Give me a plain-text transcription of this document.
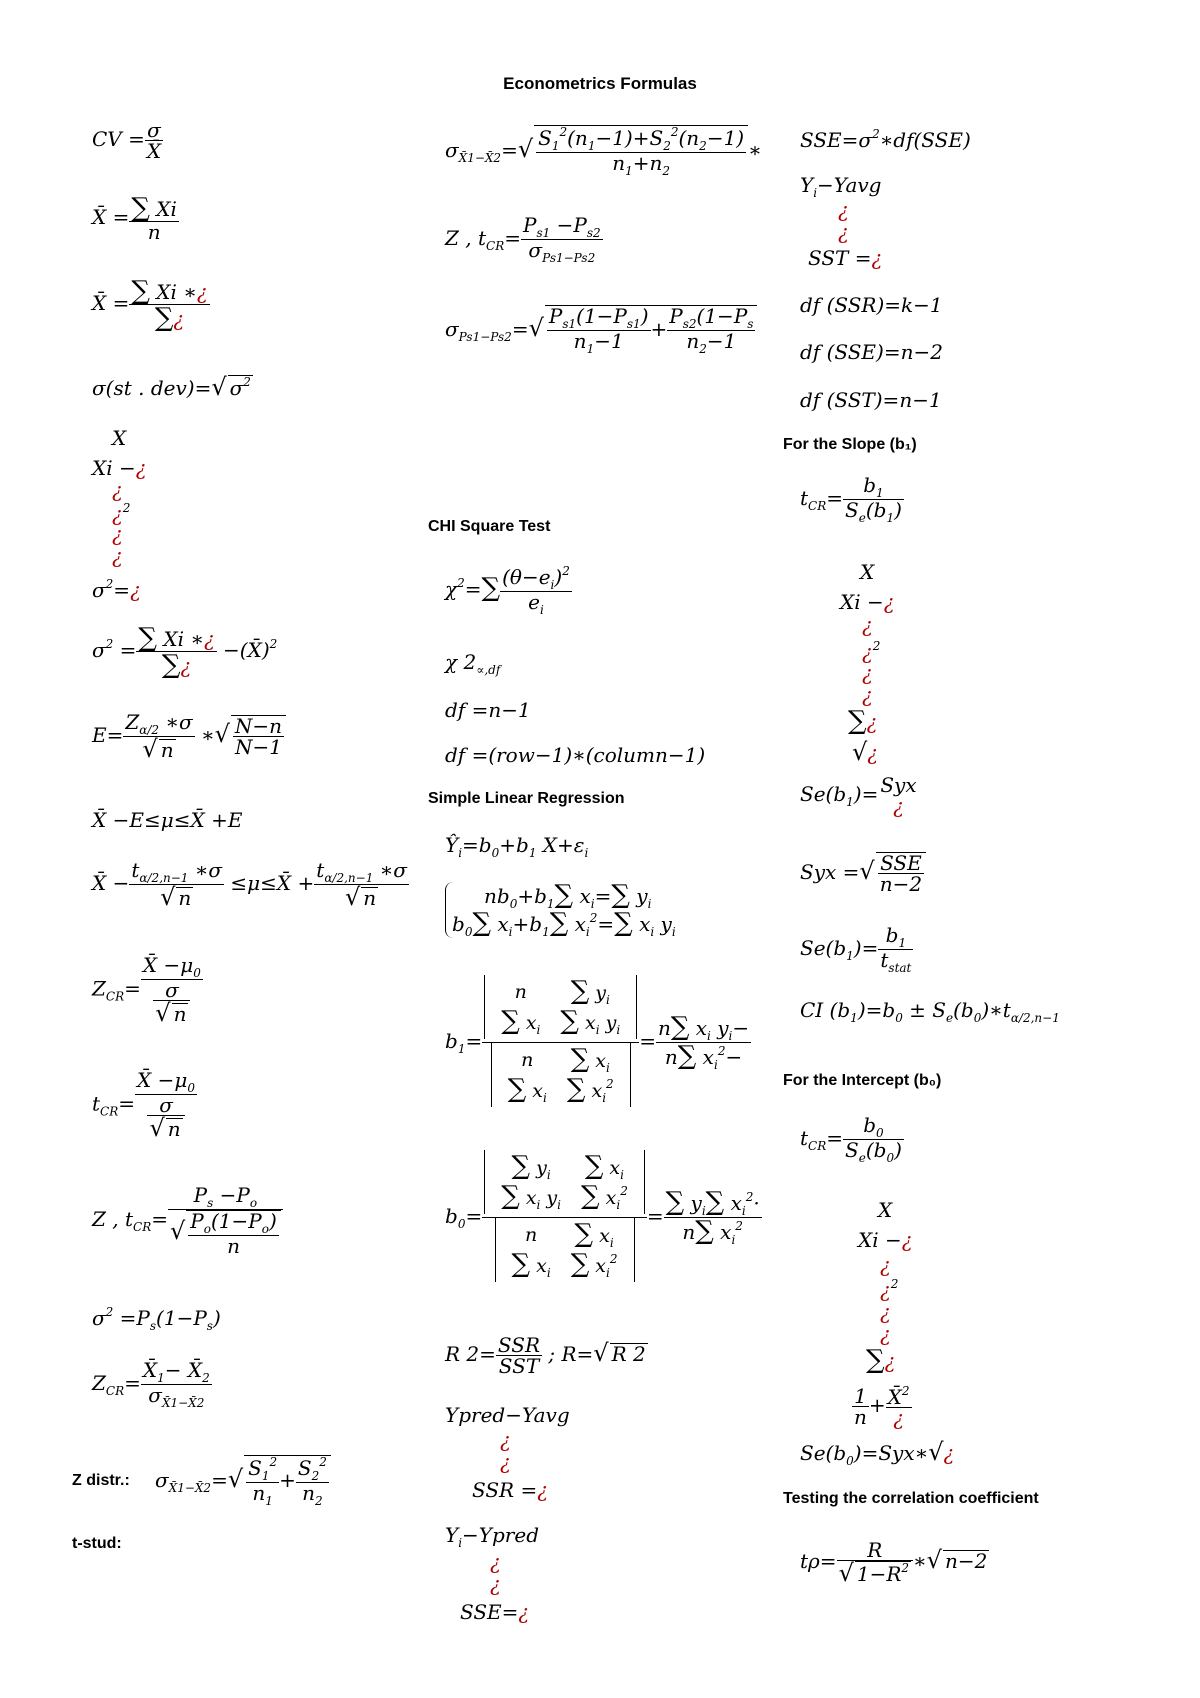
Econometrics Formulas
CV = $\frac{\sigma}{X̄}$
X̄ = $\frac{\sum Xi}{n}$
X̄ = $\frac{\sum Xi ∗¿}{\sum¿}$
σ(st . dev)=√ $\sigma^2$
X
Xi −¿
¿
¿$^2$
¿
¿
$\sigma^2=¿$
$\sigma^2 = \frac{\sum Xi ∗¿}{\sum¿}$ −(X̄)$^2$
$E= \frac{Z_{\alpha/2} ∗\sigma}{√ n}$ ∗√ $\frac{N-n}{N-1}$
X̄ −E≤μ≤X̄ +E
X̄ − $\frac{t_{\alpha/2,n-1} ∗\sigma}{√ n}$ ≤μ≤X̄ + $\frac{t_{\alpha/2,n-1} ∗\sigma}{√ n}$
$Z_{CR}= \frac{X̄ -\mu_0}{\frac{\sigma}{√ n}}$
$t_{CR}= \frac{X̄ -\mu_0}{\frac{\sigma}{√ n}}$
Z , $t_{CR}= \frac{P_s -P_o}{√ \frac{P_o(1-P_o)}{n}}$
$\sigma^2 =P_s(1-P_s)$
$Z_{CR}= \frac{X̄_1- X̄_2}{\sigma_{X̄1-X̄2}}$
Z distr.: $\sigma_{X̄1-X̄2}=√ \frac{S_1^2}{n_1} + \frac{S_2^2}{n_2}$
t-stud:
$\sigma_{X̄1-X̄2}=√ \frac{S_1^2(n_1-1)+S_2^2(n_2-1)}{n_1+n_2}$ ∗
Z , $t_{CR}= \frac{P_{s1} -P_{s2}}{\sigma_{Ps1-Ps2}}$
$\sigma_{Ps1-Ps2}=√ \frac{P_{s1}(1-P_{s1})}{n_1-1} + \frac{P_{s2}(1-P_s}{n_2-1}$
CHI Square Test
$\chi^2=\sum \frac{(\theta-e_i)^2}{e_i}$
χ $2_{\propto,df}$
df =n−1
df =(row−1)∗(column−1)
Simple Linear Regression
$Ŷ_i=b_0+b_1$ $X+\varepsilon_i$
$nb_0+b_1\sum$ $x_i=\sum$ $y_i$
$b_0\sum$ $x_i+b_1\sum$ $x_i^2=\sum$ $x_i$ $y_i$
$b_1= n$	∑ $y_i$
∑ $x_i$	∑ $x_i$ $y_i$
n	∑ $x_i$
∑ $x_i$	∑ $x_i^2 = \frac{n\sum x_i y_i-}{n\sum x_i^2-}$
$b_0=$ ∑ $y_i$	∑ $x_i$
∑ $x_i$ $y_i$	∑ $x_i^2$
n	∑ $x_i$
∑ $x_i$	∑ $x_i^2 = \frac{\sum y_i\sum x_i^2\cdot}{n\sum x_i^2}$
R $2= \frac{\text{SSR}}{\text{SST}}$ ; R=√ R 2
Ypred−Yavg
¿
¿
SSR =¿
$Y_i-Ypred$
¿
¿
SSE=¿
$SSE=\sigma^2∗df(SSE)$
$Y_i-Yavg$
¿
¿
SST =¿
df (SSR)=k−1
df (SSE)=n−2
df (SST)=n−1
For the Slope (b₁)
$t_{CR}= \frac{b_1}{S_e(b_1)}$
X
Xi −¿
¿
¿$^2$
¿
¿
∑¿
√¿
$Se(b_1)=$ Syx
¿
Syx =√ $\frac{\text{SSE}}{n-2}$
$Se(b_1)= \frac{b_1}{t_{stat}}$
CI $(b_1)=b_0$ ± $S_e(b_0)∗t_{\alpha/2,n-1}$
For the Intercept (b₀)
$t_{CR}= \frac{b_0}{S_e(b_0)}$
X
Xi −¿
¿
¿$^2$
¿
¿
∑¿
$\frac{1}{n} + \frac{X̄^2}{¿}$
$Se(b_0)=Syx∗√¿$
Testing the correlation coefficient
$t\rho= \frac{R}{√ 1-R^2}$ ∗√ n−2
